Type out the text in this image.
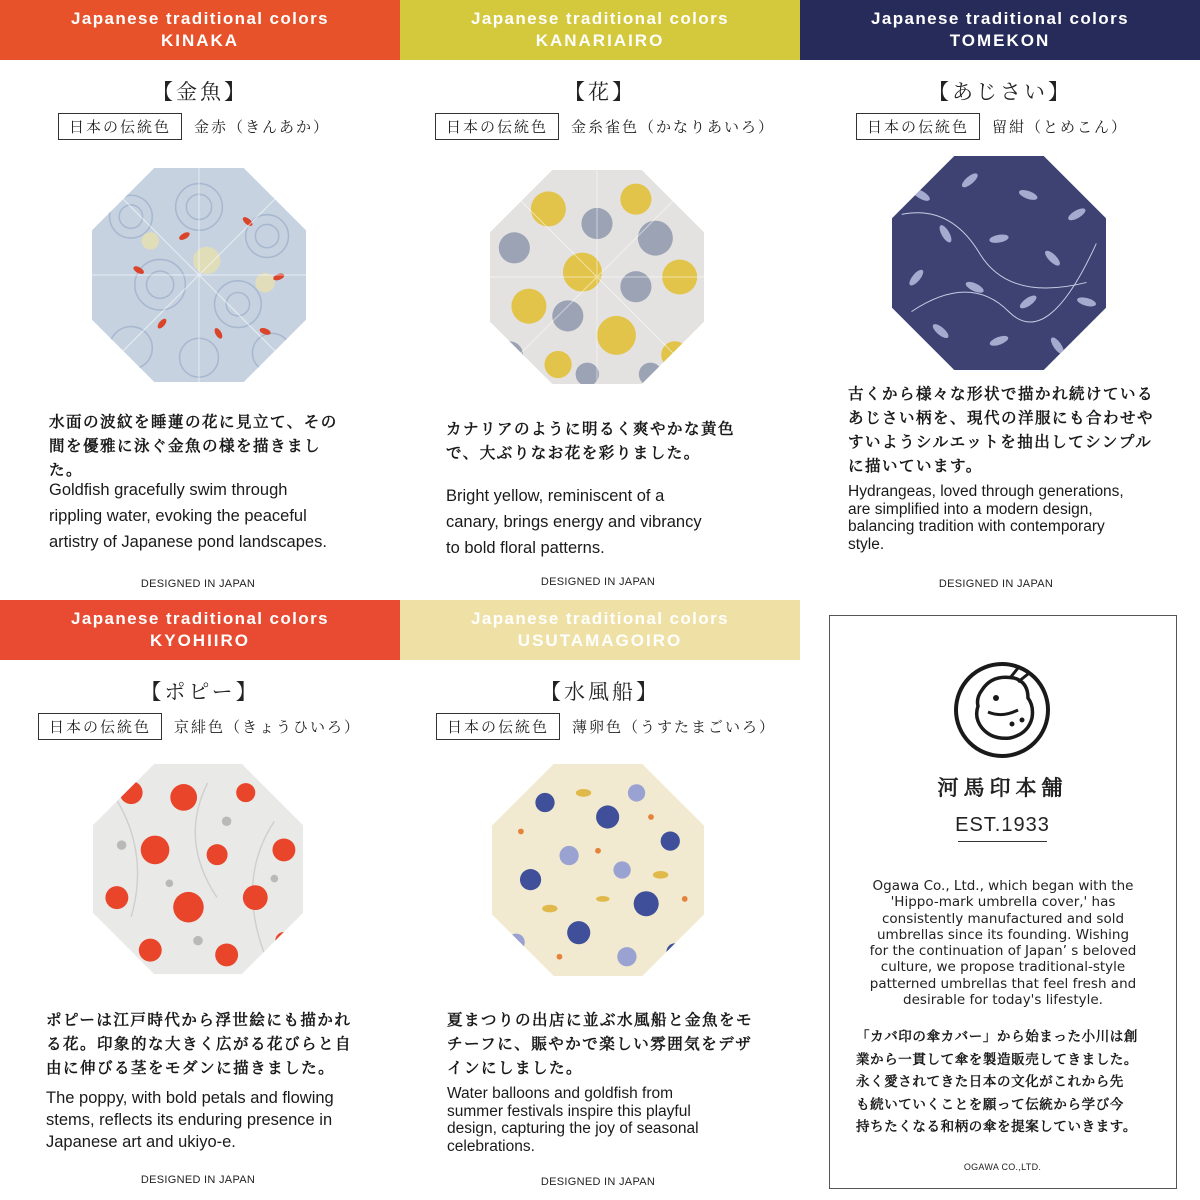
Japanese traditional colors
KINAKA
【金魚】
日本の伝統色	金赤（きんあか）
水面の波紋を睡蓮の花に見立て、その
間を優雅に泳ぐ金魚の様を描きまし
た。
Goldfish gracefully swim through
rippling water, evoking the peaceful
artistry of Japanese pond landscapes.
DESIGNED IN JAPAN
Japanese traditional colors
KANARIAIRO
【花】
日本の伝統色	金糸雀色（かなりあいろ）
カナリアのように明るく爽やかな黄色
で、大ぶりなお花を彩りました。
Bright yellow, reminiscent of a
canary, brings energy and vibrancy
to bold floral patterns.
DESIGNED IN JAPAN
Japanese traditional colors
TOMEKON
【あじさい】
日本の伝統色	留紺（とめこん）
古くから様々な形状で描かれ続けている
あじさい柄を、現代の洋服にも合わせや
すいようシルエットを抽出してシンプル
に描いています。
Hydrangeas, loved through generations,
are simplified into a modern design,
balancing tradition with contemporary
style.
DESIGNED IN JAPAN
Japanese traditional colors
KYOHIIRO
【ポピー】
日本の伝統色	京緋色（きょうひいろ）
ポピーは江戸時代から浮世絵にも描かれ
る花。印象的な大きく広がる花びらと自
由に伸びる茎をモダンに描きました。
The poppy, with bold petals and flowing
stems, reflects its enduring presence in
Japanese art and ukiyo-e.
DESIGNED IN JAPAN
Japanese traditional colors
USUTAMAGOIRO
【水風船】
日本の伝統色	薄卵色（うすたまごいろ）
夏まつりの出店に並ぶ水風船と金魚をモ
チーフに、賑やかで楽しい雰囲気をデザ
インにしました。
Water balloons and goldfish from
summer festivals inspire this playful
design, capturing the joy of seasonal
celebrations.
DESIGNED IN JAPAN
河馬印本舗
EST.1933
Ogawa Co., Ltd., which began with the
'Hippo-mark umbrella cover,' has
consistently manufactured and sold
umbrellas since its founding. Wishing
for the continuation of Japan’ s beloved
culture, we propose traditional-style
patterned umbrellas that feel fresh and
desirable for today's lifestyle.
「カバ印の傘カバー」から始まった小川は創
業から一貫して傘を製造販売してきました。
永く愛されてきた日本の文化がこれから先
も続いていくことを願って伝統から学び今
持ちたくなる和柄の傘を提案していきます。
OGAWA CO.,LTD.
